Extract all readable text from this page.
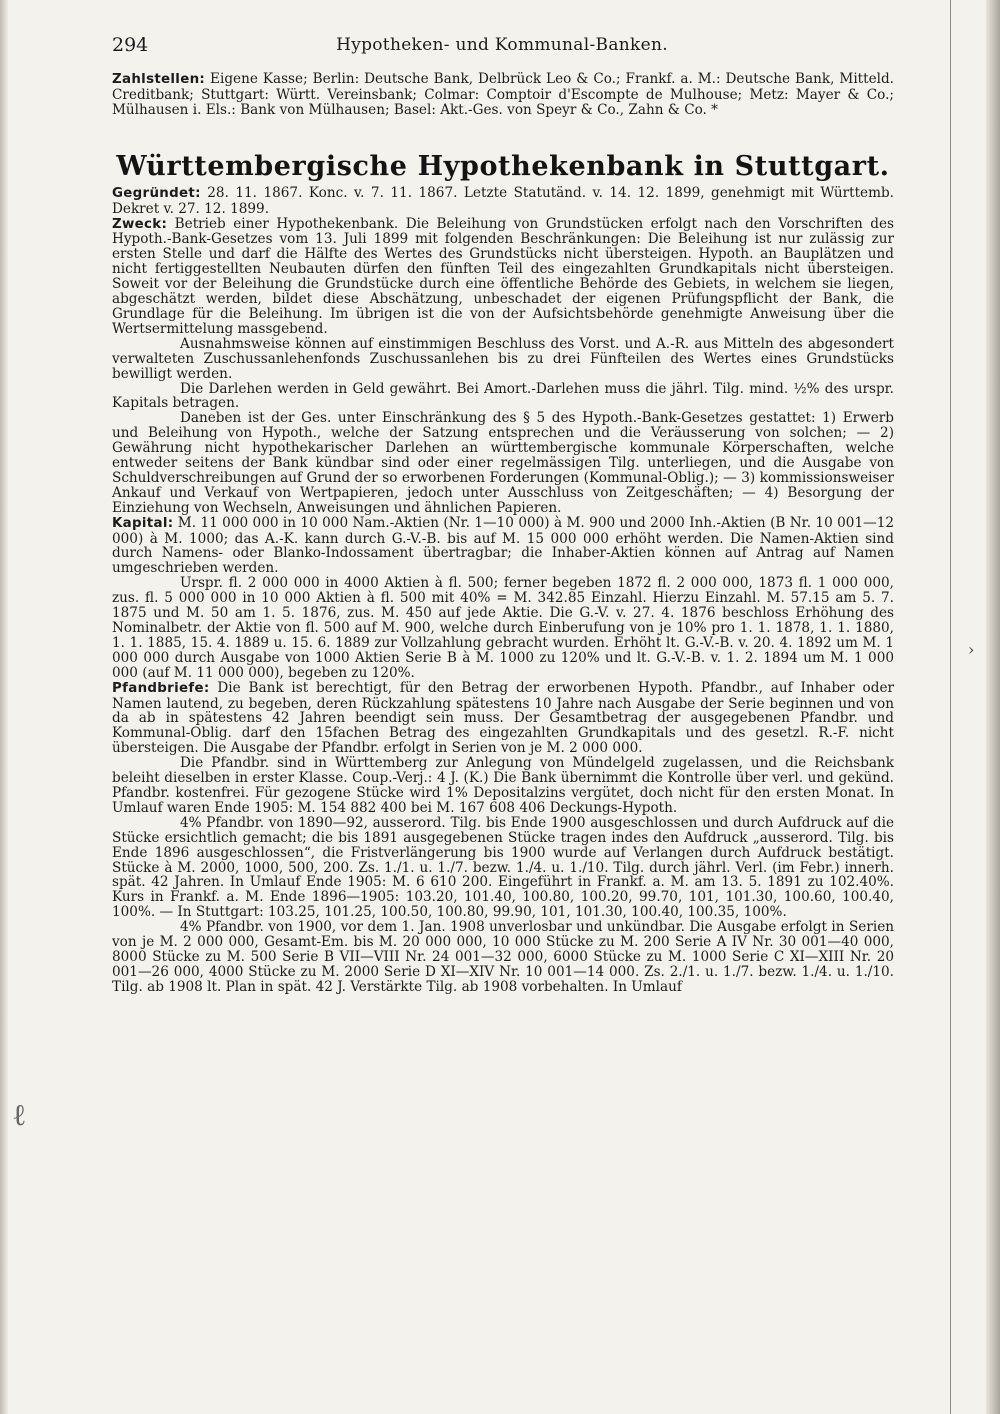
294	Hypotheken- und Kommunal-Banken.

Zahlstellen: Eigene Kasse; Berlin: Deutsche Bank, Delbrück Leo & Co.; Frankf. a. M.: Deutsche Bank, Mitteld. Creditbank; Stuttgart: Württ. Vereinsbank; Colmar: Comptoir d'Escompte de Mulhouse; Metz: Mayer & Co.; Mülhausen i. Els.: Bank von Mülhausen; Basel: Akt.-Ges. von Speyr & Co., Zahn & Co. *

Württembergische Hypothekenbank in Stuttgart.

Gegründet: 28. 11. 1867. Konc. v. 7. 11. 1867. Letzte Statutänd. v. 14. 12. 1899, genehmigt mit Württemb. Dekret v. 27. 12. 1899.

Zweck: Betrieb einer Hypothekenbank. Die Beleihung von Grundstücken erfolgt nach den Vorschriften des Hypoth.-Bank-Gesetzes vom 13. Juli 1899 mit folgenden Beschränkungen: Die Beleihung ist nur zulässig zur ersten Stelle und darf die Hälfte des Wertes des Grundstücks nicht übersteigen. Hypoth. an Bauplätzen und nicht fertiggestellten Neubauten dürfen den fünften Teil des eingezahlten Grundkapitals nicht übersteigen. Soweit vor der Beleihung die Grundstücke durch eine öffentliche Behörde des Gebiets, in welchem sie liegen, abgeschätzt werden, bildet diese Abschätzung, unbeschadet der eigenen Prüfungspflicht der Bank, die Grundlage für die Beleihung. Im übrigen ist die von der Aufsichtsbehörde genehmigte Anweisung über die Wertsermittelung massgebend.

Ausnahmsweise können auf einstimmigen Beschluss des Vorst. und A.-R. aus Mitteln des abgesondert verwalteten Zuschussanlehenfonds Zuschussanlehen bis zu drei Fünfteilen des Wertes eines Grundstücks bewilligt werden.

Die Darlehen werden in Geld gewährt. Bei Amort.-Darlehen muss die jährl. Tilg. mind. ½% des urspr. Kapitals betragen.

Daneben ist der Ges. unter Einschränkung des § 5 des Hypoth.-Bank-Gesetzes gestattet: 1) Erwerb und Beleihung von Hypoth., welche der Satzung entsprechen und die Veräusserung von solchen; — 2) Gewährung nicht hypothekarischer Darlehen an württembergische kommunale Körperschaften, welche entweder seitens der Bank kündbar sind oder einer regelmässigen Tilg. unterliegen, und die Ausgabe von Schuldverschreibungen auf Grund der so erworbenen Forderungen (Kommunal-Oblig.); — 3) kommissionsweiser Ankauf und Verkauf von Wertpapieren, jedoch unter Ausschluss von Zeitgeschäften; — 4) Besorgung der Einziehung von Wechseln, Anweisungen und ähnlichen Papieren.

Kapital: M. 11 000 000 in 10 000 Nam.-Aktien (Nr. 1—10 000) à M. 900 und 2000 Inh.-Aktien (B Nr. 10 001—12 000) à M. 1000; das A.-K. kann durch G.-V.-B. bis auf M. 15 000 000 erhöht werden. Die Namen-Aktien sind durch Namens- oder Blanko-Indossament übertragbar; die Inhaber-Aktien können auf Antrag auf Namen umgeschrieben werden.

Urspr. fl. 2 000 000 in 4000 Aktien à fl. 500; ferner begeben 1872 fl. 2 000 000, 1873 fl. 1 000 000, zus. fl. 5 000 000 in 10 000 Aktien à fl. 500 mit 40% = M. 342.85 Einzahl. Hierzu Einzahl. M. 57.15 am 5. 7. 1875 und M. 50 am 1. 5. 1876, zus. M. 450 auf jede Aktie. Die G.-V. v. 27. 4. 1876 beschloss Erhöhung des Nominalbetr. der Aktie von fl. 500 auf M. 900, welche durch Einberufung von je 10% pro 1. 1. 1878, 1. 1. 1880, 1. 1. 1885, 15. 4. 1889 u. 15. 6. 1889 zur Vollzahlung gebracht wurden. Erhöht lt. G.-V.-B. v. 20. 4. 1892 um M. 1 000 000 durch Ausgabe von 1000 Aktien Serie B à M. 1000 zu 120% und lt. G.-V.-B. v. 1. 2. 1894 um M. 1 000 000 (auf M. 11 000 000), begeben zu 120%.

Pfandbriefe: Die Bank ist berechtigt, für den Betrag der erworbenen Hypoth. Pfandbr., auf Inhaber oder Namen lautend, zu begeben, deren Rückzahlung spätestens 10 Jahre nach Ausgabe der Serie beginnen und von da ab in spätestens 42 Jahren beendigt sein muss. Der Gesamtbetrag der ausgegebenen Pfandbr. und Kommunal-Oblig. darf den 15fachen Betrag des eingezahlten Grundkapitals und des gesetzl. R.-F. nicht übersteigen. Die Ausgabe der Pfandbr. erfolgt in Serien von je M. 2 000 000.

Die Pfandbr. sind in Württemberg zur Anlegung von Mündelgeld zugelassen, und die Reichsbank beleiht dieselben in erster Klasse. Coup.-Verj.: 4 J. (K.) Die Bank übernimmt die Kontrolle über verl. und gekünd. Pfandbr. kostenfrei. Für gezogene Stücke wird 1% Depositalzins vergütet, doch nicht für den ersten Monat. In Umlauf waren Ende 1905: M. 154 882 400 bei M. 167 608 406 Deckungs-Hypoth.

4% Pfandbr. von 1890—92, ausserord. Tilg. bis Ende 1900 ausgeschlossen und durch Aufdruck auf die Stücke ersichtlich gemacht; die bis 1891 ausgegebenen Stücke tragen indes den Aufdruck „ausserord. Tilg. bis Ende 1896 ausgeschlossen“, die Fristverlängerung bis 1900 wurde auf Verlangen durch Aufdruck bestätigt. Stücke à M. 2000, 1000, 500, 200. Zs. 1./1. u. 1./7. bezw. 1./4. u. 1./10. Tilg. durch jährl. Verl. (im Febr.) innerh. spät. 42 Jahren. In Umlauf Ende 1905: M. 6 610 200. Eingeführt in Frankf. a. M. am 13. 5. 1891 zu 102.40%. Kurs in Frankf. a. M. Ende 1896—1905: 103.20, 101.40, 100.80, 100.20, 99.70, 101, 101.30, 100.60, 100.40, 100%. — In Stuttgart: 103.25, 101.25, 100.50, 100.80, 99.90, 101, 101.30, 100.40, 100.35, 100%.

4% Pfandbr. von 1900, vor dem 1. Jan. 1908 unverlosbar und unkündbar. Die Ausgabe erfolgt in Serien von je M. 2 000 000, Gesamt-Em. bis M. 20 000 000, 10 000 Stücke zu M. 200 Serie A IV Nr. 30 001—40 000, 8000 Stücke zu M. 500 Serie B VII—VIII Nr. 24 001—32 000, 6000 Stücke zu M. 1000 Serie C XI—XIII Nr. 20 001—26 000, 4000 Stücke zu M. 2000 Serie D XI—XIV Nr. 10 001—14 000. Zs. 2./1. u. 1./7. bezw. 1./4. u. 1./10. Tilg. ab 1908 lt. Plan in spät. 42 J. Verstärkte Tilg. ab 1908 vorbehalten. In Umlauf

›
ℓ
